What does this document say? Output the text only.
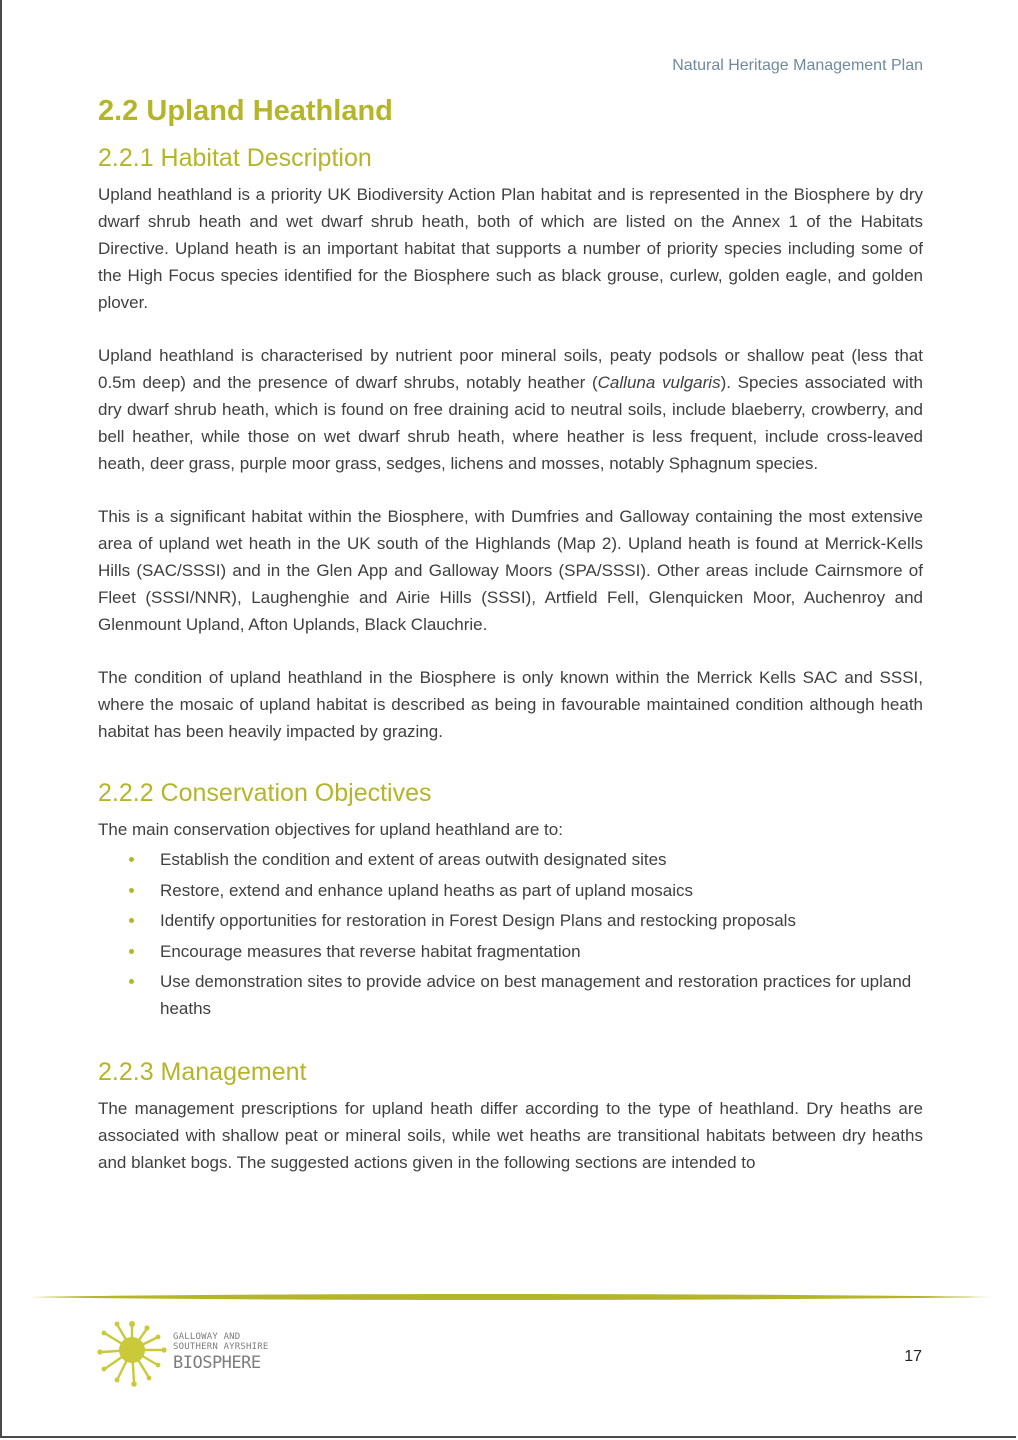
Natural Heritage Management Plan
2.2 Upland Heathland
2.2.1 Habitat Description

Upland heathland is a priority UK Biodiversity Action Plan habitat and is represented in the Biosphere by dry dwarf shrub heath and wet dwarf shrub heath, both of which are listed on the Annex 1 of the Habitats Directive. Upland heath is an important habitat that supports a number of priority species including some of the High Focus species identified for the Biosphere such as black grouse, curlew, golden eagle, and golden plover.

Upland heathland is characterised by nutrient poor mineral soils, peaty podsols or shallow peat (less that 0.5m deep) and the presence of dwarf shrubs, notably heather (Calluna vulgaris). Species associated with dry dwarf shrub heath, which is found on free draining acid to neutral soils, include blaeberry, crowberry, and bell heather, while those on wet dwarf shrub heath, where heather is less frequent, include cross-leaved heath, deer grass, purple moor grass, sedges, lichens and mosses, notably Sphagnum species.

This is a significant habitat within the Biosphere, with Dumfries and Galloway containing the most extensive area of upland wet heath in the UK south of the Highlands (Map 2). Upland heath is found at Merrick-Kells Hills (SAC/SSSI) and in the Glen App and Galloway Moors (SPA/SSSI). Other areas include Cairnsmore of Fleet (SSSI/NNR), Laughenghie and Airie Hills (SSSI), Artfield Fell, Glenquicken Moor, Auchenroy and Glenmount Upland, Afton Uplands, Black Clauchrie.

The condition of upland heathland in the Biosphere is only known within the Merrick Kells SAC and SSSI, where the mosaic of upland habitat is described as being in favourable maintained condition although heath habitat has been heavily impacted by grazing.

2.2.2 Conservation Objectives

The main conservation objectives for upland heathland are to:

Establish the condition and extent of areas outwith designated sites
Restore, extend and enhance upland heaths as part of upland mosaics
Identify opportunities for restoration in Forest Design Plans and restocking proposals
Encourage measures that reverse habitat fragmentation
Use demonstration sites to provide advice on best management and restoration practices for upland heaths
2.2.3 Management

The management prescriptions for upland heath differ according to the type of heathland. Dry heaths are associated with shallow peat or mineral soils, while wet heaths are transitional habitats between dry heaths and blanket bogs. The suggested actions given in the following sections are intended to

GALLOWAY AND
SOUTHERN AYRSHIRE
BIOSPHERE	17
